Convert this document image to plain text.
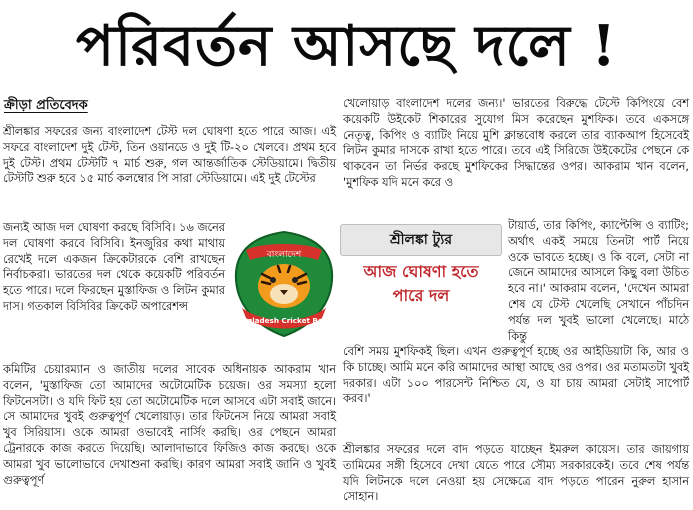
পরিবর্তন আসছে দলে !
ক্রীড়া প্রতিবেদক

শ্রীলঙ্কার সফরের জন্য বাংলাদেশ টেস্ট দল ঘোষণা হতে পারে আজ। এই সফরে বাংলাদেশ দুই টেস্ট, তিন ওয়ানডে ও দুই টি-২০ খেলবে। প্রথম হবে দুই টেস্ট। প্রথম টেস্টটি ৭ মার্চ শুরু, গল আন্তর্জাতিক স্টেডিয়ামে। দ্বিতীয় টেস্টটি শুরু হবে ১৫ মার্চ কলম্বোর পি সারা স্টেডিয়ামে। এই দুই টেস্টের

জন্যই আজ দল ঘোষণা করছে বিসিবি। ১৬ জনের দল ঘোষণা করবে বিসিবি। ইনজুরির কথা মাথায় রেখেই দলে একজন ক্রিকেটারকে বেশি রাখছেন নির্বাচকরা। ভারতের দল থেকে কয়েকটি পরিবর্তন হতে পারে। দলে ফিরছেন মুস্তাফিজ ও লিটন কুমার দাস। গতকাল বিসিবির ক্রিকেট অপারেশন্স

কমিটির চেয়ারম্যান ও জাতীয় দলের সাবেক অধিনায়ক আকরাম খান বলেন, 'মুস্তাফিজ তো আমাদের অটোমেটিক চয়েজ। ওর সমস্যা হলো ফিটনেসটা। ও যদি ফিট হয় তো অটোমেটিক দলে আসবে এটা সবাই জানে। সে আমাদের খুবই গুরুত্বপূর্ণ খেলোয়াড়। তার ফিটনেস নিয়ে আমরা সবাই খুব সিরিয়াস। ওকে আমরা ওভাবেই নার্সিং করছি। ওর পেছনে আমরা ট্রেনারকে কাজ করতে দিয়েছি। আলাদাভাবে ফিজিও কাজ করছে। ওকে আমরা খুব ভালোভাবে দেখাশুনা করছি। কারণ আমরা সবাই জানি ও খুবই গুরুত্বপূর্ণ

খেলোয়াড় বাংলাদেশ দলের জন্য।' ভারতের বিরুদ্ধে টেস্টে কিপিংয়ে বেশ কয়েকটি উইকেট শিকারের সুযোগ মিস করেছেন মুশফিক। তবে একসঙ্গে নেতৃত্ব, কিপিং ও ব্যাটিং নিয়ে মুশি ক্লান্তবোধ করলে তার ব্যাকআপ হিসেবেই লিটন কুমার দাসকে রাখা হতে পারে। তবে এই সিরিজে উইকেটের পেছনে কে থাকবেন তা নির্ভর করছে মুশফিকের সিদ্ধান্তের ওপর। আকরাম খান বলেন, 'মুশফিক যদি মনে করে ও

টায়ার্ড, তার কিপিং, ক্যাপ্টেন্সি ও ব্যাটিং; অর্থাৎ একই সময়ে তিনটা পার্ট নিয়ে ওকে ভাবতে হচ্ছে। ও কি বলে, সেটা না জেনে আমাদের আসলে কিছু বলা উচিত হবে না।' আকরাম বলেন, 'দেখেন আমরা শেষ যে টেস্ট খেলেছি সেখানে পাঁচদিন পর্যন্ত দল খুবই ভালো খেলেছে। মাঠে কিন্তু

বেশি সময় মুশফিকই ছিল। এখন গুরুত্বপূর্ণ হচ্ছে ওর আইডিয়াটা কি, আর ও কি চাচ্ছে। আমি মনে করি আমাদের আস্থা আছে ওর ওপর। ওর মতামতটা খুবই দরকার। এটা ১০০ পারসেন্ট নিশ্চিত যে, ও যা চায় আমরা সেটাই সাপোর্ট করব।'

শ্রীলঙ্কার সফরের দলে বাদ পড়তে যাচ্ছেন ইমরুল কায়েস। তার জায়গায় তামিমের সঙ্গী হিসেবে দেখা যেতে পারে সৌম্য সরকারকেই। তবে শেষ পর্যন্ত যদি লিটনকে দলে নেওয়া হয় সেক্ষেত্রে বাদ পড়তে পারেন নুরুল হাসান সোহান।

বাংলাদেশ
Bangladesh Cricket Board
শ্রীলঙ্কা ট্যুর
আজ ঘোষণা হতে পারে দল
